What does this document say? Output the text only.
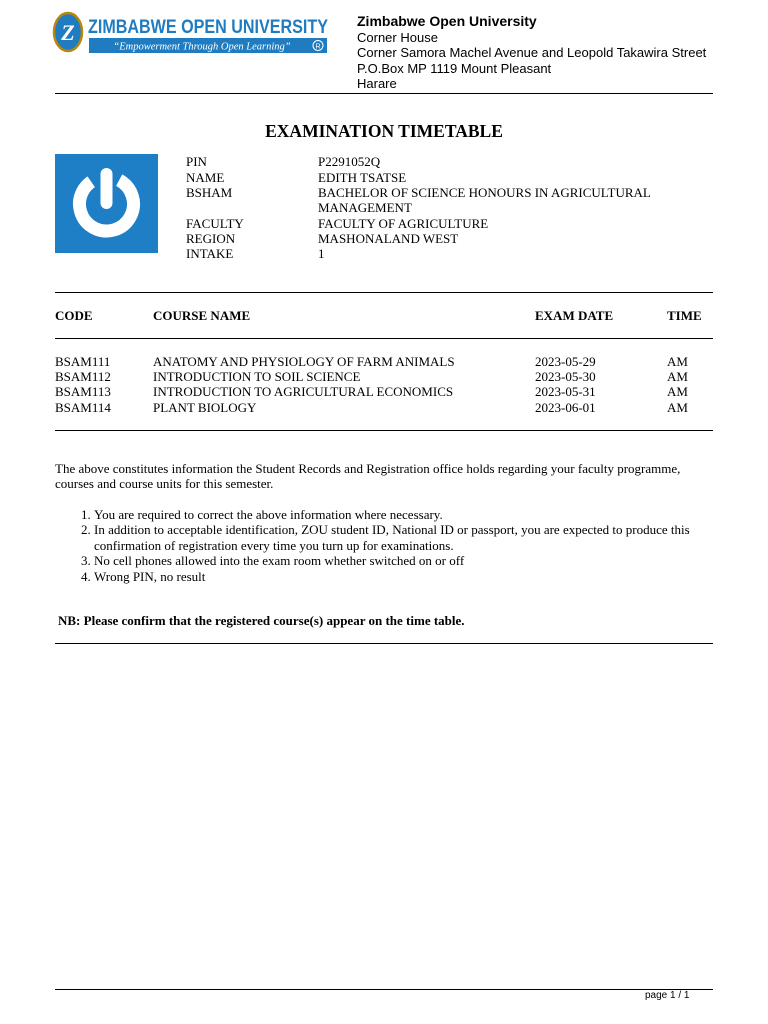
Z ZIMBABWE OPEN UNIVERSITY
“Empowerment Through Open Learning”	R
Zimbabwe Open University
Corner House
Corner Samora Machel Avenue and Leopold Takawira Street
P.O.Box MP 1119 Mount Pleasant
Harare
EXAMINATION TIMETABLE
PIN	P2291052Q
NAME	EDITH TSATSE
BSHAM	BACHELOR OF SCIENCE HONOURS IN AGRICULTURAL MANAGEMENT
FACULTY	FACULTY OF AGRICULTURE
REGION	MASHONALAND WEST
INTAKE	1
CODE	COURSE NAME	EXAM DATE	TIME
BSAM111	ANATOMY AND PHYSIOLOGY OF FARM ANIMALS	2023-05-29	AM
BSAM112	INTRODUCTION TO SOIL SCIENCE	2023-05-30	AM
BSAM113	INTRODUCTION TO AGRICULTURAL ECONOMICS	2023-05-31	AM
BSAM114	PLANT BIOLOGY	2023-06-01	AM
The above constitutes information the Student Records and Registration office holds regarding your faculty programme,
courses and course units for this semester.
1. You are required to correct the above information where necessary.
2. In addition to acceptable identification, ZOU student ID, National ID or passport, you are expected to produce this confirmation of registration every time you turn up for examinations.
3. No cell phones allowed into the exam room whether switched on or off
4. Wrong PIN, no result
NB: Please confirm that the registered course(s) appear on the time table.
page 1 / 1
